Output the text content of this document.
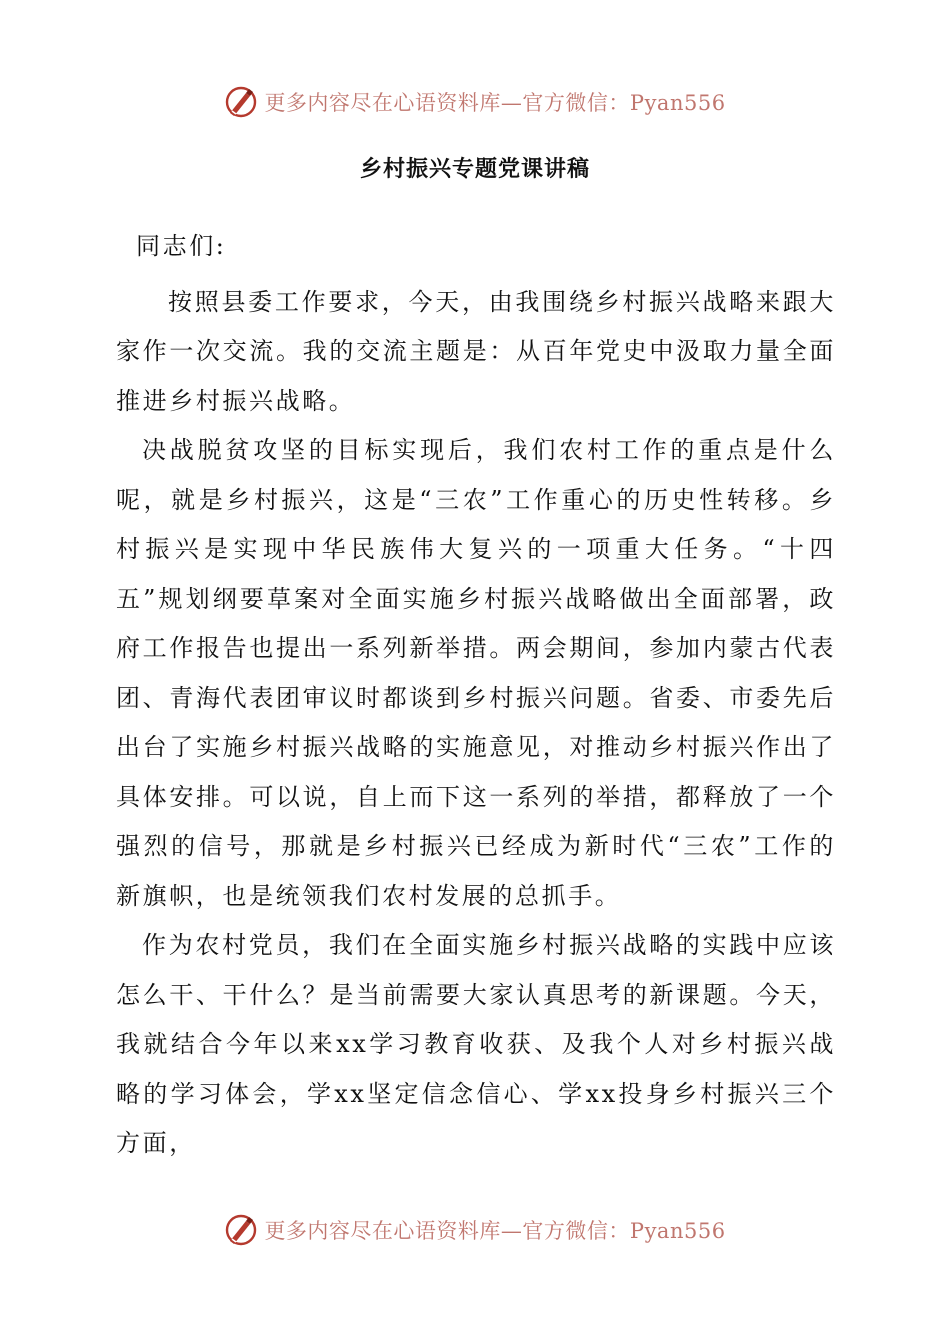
更多内容尽在心语资料库—官方微信：Pyan556
乡村振兴专题党课讲稿

同志们:

按照县委工作要求，今天，由我围绕乡村振兴战略来跟大家作一次交流。我的交流主题是：从百年党史中汲取力量全面推进乡村振兴战略。

决战脱贫攻坚的目标实现后，我们农村工作的重点是什么呢，就是乡村振兴，这是“三农”工作重心的历史性转移。乡村振兴是实现中华民族伟大复兴的一项重大任务。“十四五”规划纲要草案对全面实施乡村振兴战略做出全面部署，政府工作报告也提出一系列新举措。两会期间，参加内蒙古代表团、青海代表团审议时都谈到乡村振兴问题。省委、市委先后出台了实施乡村振兴战略的实施意见，对推动乡村振兴作出了具体安排。可以说，自上而下这一系列的举措，都释放了一个强烈的信号，那就是乡村振兴已经成为新时代“三农”工作的新旗帜，也是统领我们农村发展的总抓手。

作为农村党员，我们在全面实施乡村振兴战略的实践中应该怎么干、干什么？是当前需要大家认真思考的新课题。今天，我就结合今年以来xx学习教育收获、及我个人对乡村振兴战略的学习体会，学xx坚定信念信心、学xx投身乡村振兴三个方面，

更多内容尽在心语资料库—官方微信：Pyan556
